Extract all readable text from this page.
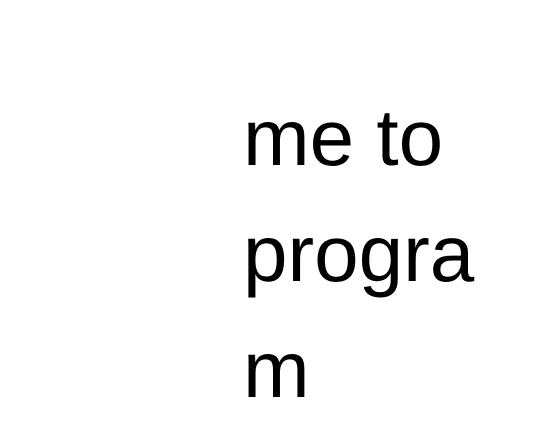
me to
progra
m
